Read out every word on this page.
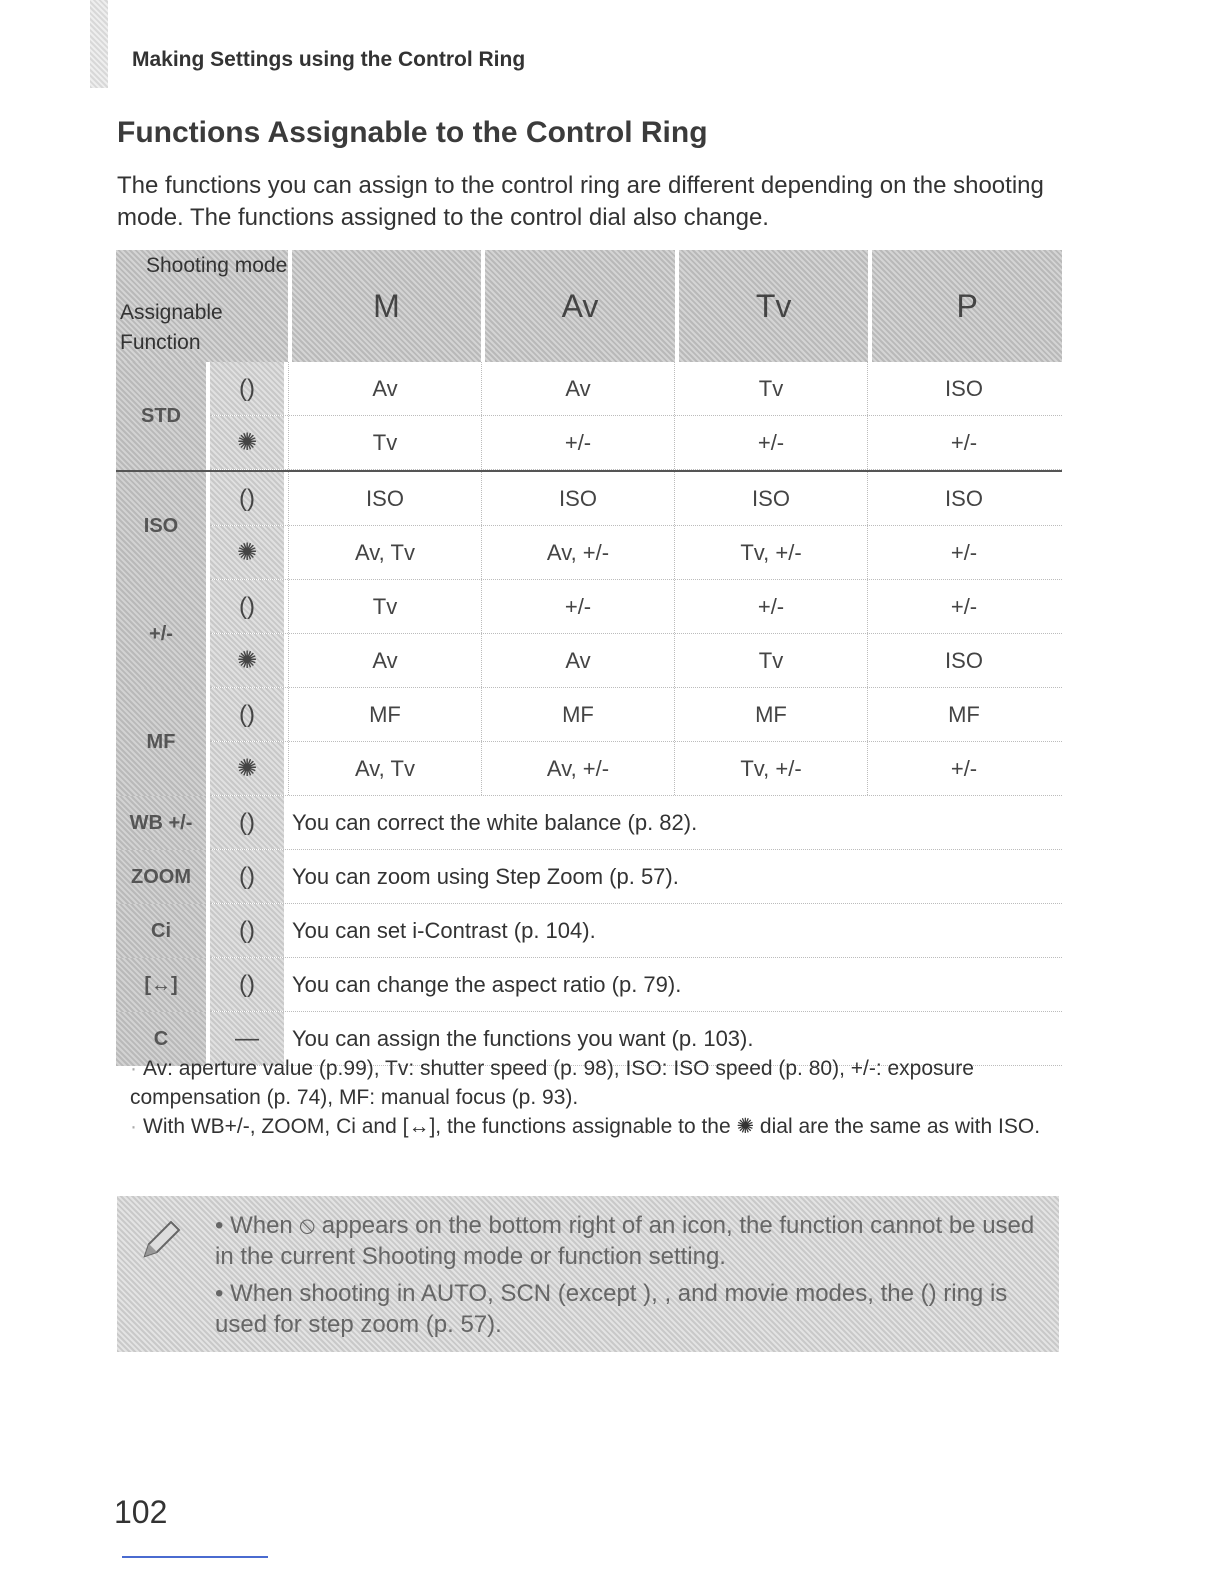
Making Settings using the Control Ring
Functions Assignable to the Control Ring
The functions you can assign to the control ring are different depending on the shooting mode. The functions assigned to the control dial also change.
Shooting mode
Assignable Function
M	Av	Tv	P
STD
()	Av	Av	Tv	ISO
✺	Tv	+/-	+/-	+/-
ISO
()	ISO	ISO	ISO	ISO
✺	Av, Tv	Av, +/-	Tv, +/-	+/-
+/-
()	Tv	+/-	+/-	+/-
✺	Av	Av	Tv	ISO
MF
()	MF	MF	MF	MF
✺	Av, Tv	Av, +/-	Tv, +/-	+/-
WB +/-	()	You can correct the white balance (p. 82).
ZOOM	()	You can zoom using Step Zoom (p. 57).
Ci	()	You can set i-Contrast (p. 104).
[↔]	()	You can change the aspect ratio (p. 79).
C	—	You can assign the functions you want (p. 103).

· Av: aperture value (p.99), Tv: shutter speed (p. 98), ISO: ISO speed (p. 80), +/-: exposure compensation (p. 74), MF: manual focus (p. 93).

· With WB+/-, ZOOM, Ci and [↔], the functions assignable to the ✺ dial are the same as with ISO.

• When ⦸ appears on the bottom right of an icon, the function cannot be used in the current Shooting mode or function setting.
• When shooting in AUTO, SCN (except ), , and movie modes, the () ring is used for step zoom (p. 57).
102
